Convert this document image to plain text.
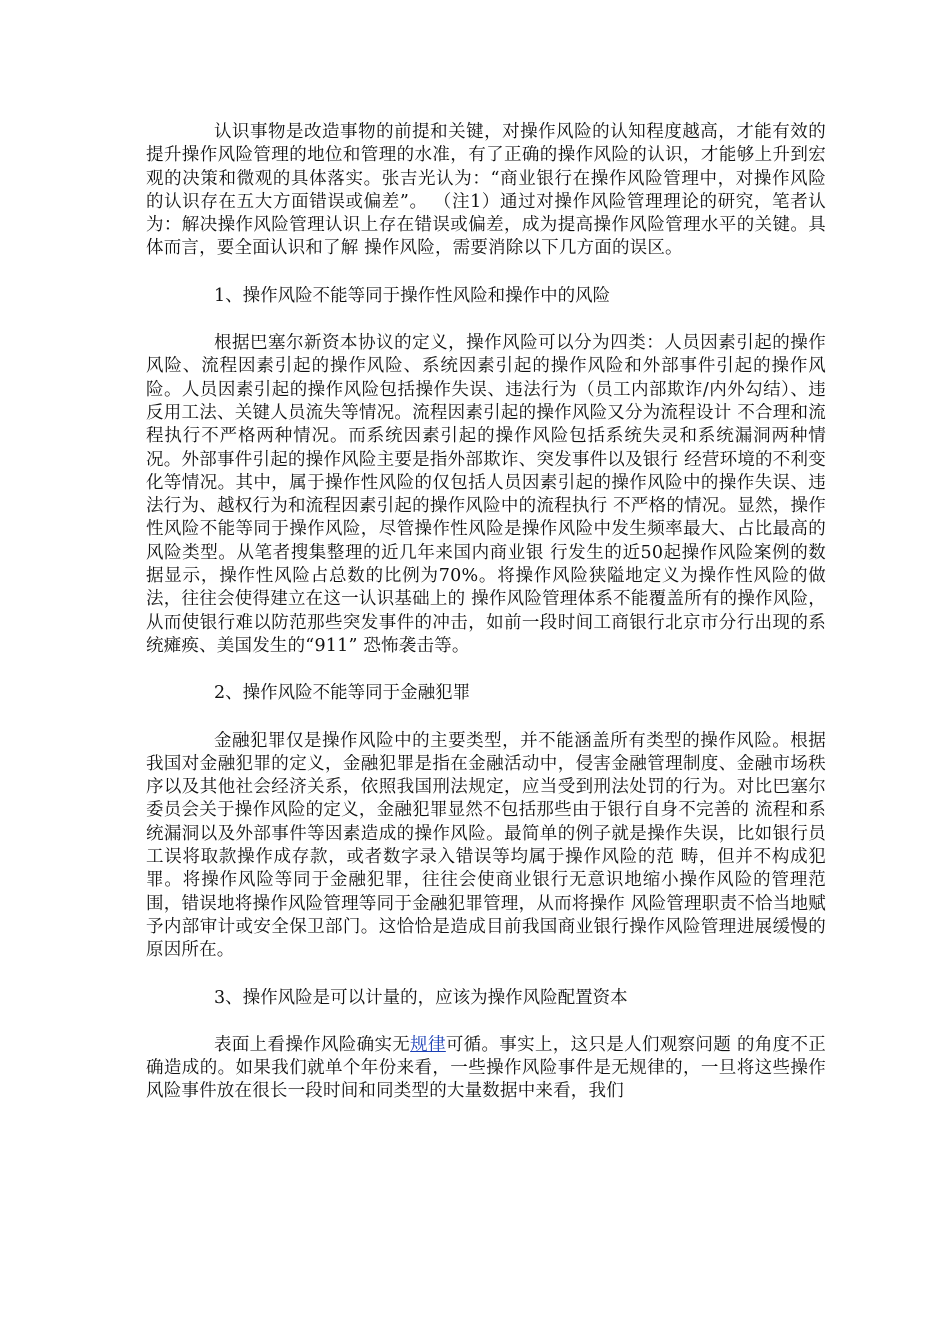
认识事物是改造事物的前提和关键，对操作风险的认知程度越高，才能有效的提升操作风险管理的地位和管理的水准，有了正确的操作风险的认识，才能够上升到宏 观的决策和微观的具体落实。张吉光认为：“商业银行在操作风险管理中，对操作风险的认识存在五大方面错误或偏差”。 （注1）通过对操作风险管理理论的研究，笔者认为：解决操作风险管理认识上存在错误或偏差，成为提高操作风险管理水平的关键。具体而言，要全面认识和了解 操作风险，需要消除以下几方面的误区。

1、操作风险不能等同于操作性风险和操作中的风险

根据巴塞尔新资本协议的定义，操作风险可以分为四类：人员因素引起的操作风险、流程因素引起的操作风险、系统因素引起的操作风险和外部事件引起的操作风 险。人员因素引起的操作风险包括操作失误、违法行为（员工内部欺诈/内外勾结）、违反用工法、关键人员流失等情况。流程因素引起的操作风险又分为流程设计 不合理和流程执行不严格两种情况。而系统因素引起的操作风险包括系统失灵和系统漏洞两种情况。外部事件引起的操作风险主要是指外部欺诈、突发事件以及银行 经营环境的不利变化等情况。其中，属于操作性风险的仅包括人员因素引起的操作风险中的操作失误、违法行为、越权行为和流程因素引起的操作风险中的流程执行 不严格的情况。显然，操作性风险不能等同于操作风险，尽管操作性风险是操作风险中发生频率最大、占比最高的风险类型。从笔者搜集整理的近几年来国内商业银 行发生的近50起操作风险案例的数据显示，操作性风险占总数的比例为70%。将操作风险狭隘地定义为操作性风险的做法，往往会使得建立在这一认识基础上的 操作风险管理体系不能覆盖所有的操作风险，从而使银行难以防范那些突发事件的冲击，如前一段时间工商银行北京市分行出现的系统瘫痪、美国发生的“911” 恐怖袭击等。

2、操作风险不能等同于金融犯罪

金融犯罪仅是操作风险中的主要类型，并不能涵盖所有类型的操作风险。根据我国对金融犯罪的定义，金融犯罪是指在金融活动中，侵害金融管理制度、金融市场秩 序以及其他社会经济关系，依照我国刑法规定，应当受到刑法处罚的行为。对比巴塞尔委员会关于操作风险的定义，金融犯罪显然不包括那些由于银行自身不完善的 流程和系统漏洞以及外部事件等因素造成的操作风险。最简单的例子就是操作失误，比如银行员工误将取款操作成存款，或者数字录入错误等均属于操作风险的范 畴，但并不构成犯罪。将操作风险等同于金融犯罪，往往会使商业银行无意识地缩小操作风险的管理范围，错误地将操作风险管理等同于金融犯罪管理，从而将操作 风险管理职责不恰当地赋予内部审计或安全保卫部门。这恰恰是造成目前我国商业银行操作风险管理进展缓慢的原因所在。

3、操作风险是可以计量的，应该为操作风险配置资本

表面上看操作风险确实无规律可循。事实上，这只是人们观察问题 的角度不正确造成的。如果我们就单个年份来看，一些操作风险事件是无规律的，一旦将这些操作风险事件放在很长一段时间和同类型的大量数据中来看，我们
